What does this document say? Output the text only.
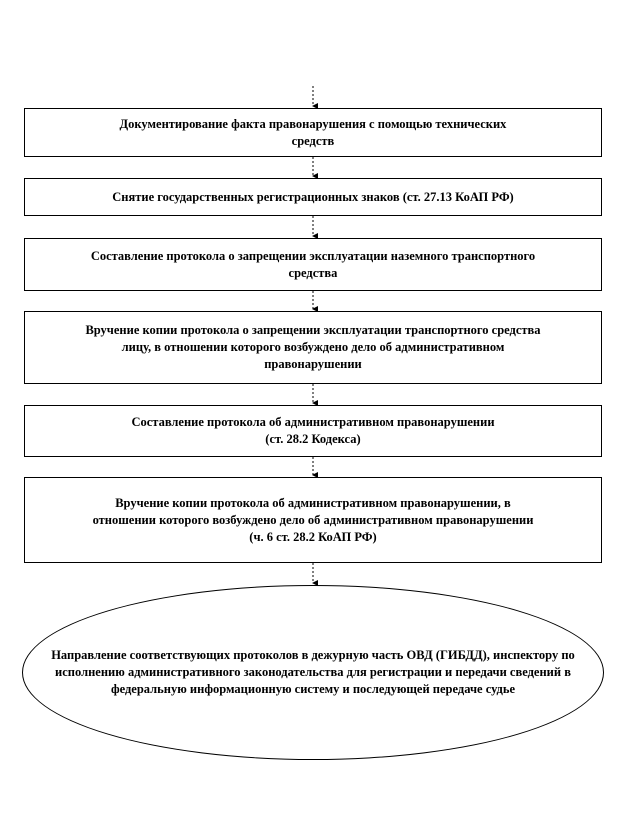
Документирование факта правонарушения с помощью технических
средств
Снятие государственных регистрационных знаков (ст. 27.13 КоАП РФ)
Составление протокола о запрещении эксплуатации наземного транспортного
средства
Вручение копии протокола о запрещении эксплуатации транспортного средства
лицу, в отношении которого возбуждено дело об административном
правонарушении
Составление протокола об административном правонарушении
(ст. 28.2 Кодекса)
Вручение копии протокола об административном правонарушении, в
отношении которого возбуждено дело об административном правонарушении
(ч. 6 ст. 28.2 КоАП РФ)
Направление соответствующих протоколов в дежурную часть ОВД (ГИБДД), инспектору по исполнению административного законодательства для регистрации и передачи сведений в федеральную информационную систему и последующей передаче судье
